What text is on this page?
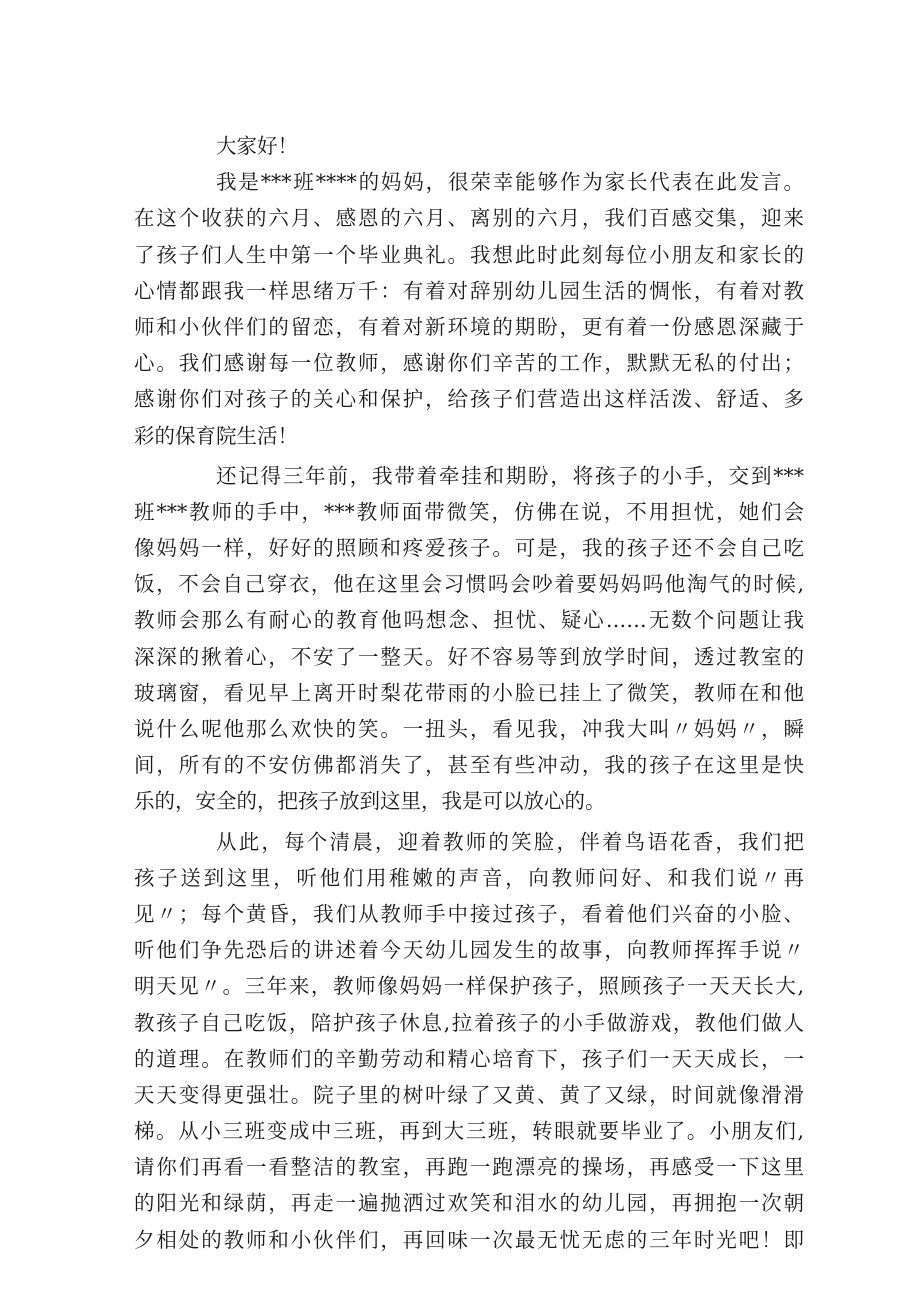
大家好！
我是***班****的妈妈，很荣幸能够作为家长代表在此发言。
在这个收获的六月、感恩的六月、离别的六月，我们百感交集，迎来
了孩子们人生中第一个毕业典礼。我想此时此刻每位小朋友和家长的
心情都跟我一样思绪万千：有着对辞别幼儿园生活的惆怅，有着对教
师和小伙伴们的留恋，有着对新环境的期盼，更有着一份感恩深藏于
心。我们感谢每一位教师，感谢你们辛苦的工作，默默无私的付出；
感谢你们对孩子的关心和保护，给孩子们营造出这样活泼、舒适、多
彩的保育院生活！
还记得三年前，我带着牵挂和期盼，将孩子的小手，交到***
班***教师的手中，***教师面带微笑，仿佛在说，不用担忧，她们会
像妈妈一样，好好的照顾和疼爱孩子。可是，我的孩子还不会自己吃
饭，不会自己穿衣，他在这里会习惯吗会吵着要妈妈吗他淘气的时候,
教师会那么有耐心的教育他吗想念、担忧、疑心……无数个问题让我
深深的揪着心，不安了一整天。好不容易等到放学时间，透过教室的
玻璃窗，看见早上离开时梨花带雨的小脸已挂上了微笑，教师在和他
说什么呢他那么欢快的笑。一扭头，看见我，冲我大叫〃妈妈〃，瞬
间，所有的不安仿佛都消失了，甚至有些冲动，我的孩子在这里是快
乐的，安全的，把孩子放到这里，我是可以放心的。
从此，每个清晨，迎着教师的笑脸，伴着鸟语花香，我们把
孩子送到这里，听他们用稚嫩的声音，向教师问好、和我们说〃再
见〃；每个黄昏，我们从教师手中接过孩子，看着他们兴奋的小脸、
听他们争先恐后的讲述着今天幼儿园发生的故事，向教师挥挥手说〃
明天见〃。三年来，教师像妈妈一样保护孩子，照顾孩子一天天长大,
教孩子自己吃饭，陪护孩子休息,拉着孩子的小手做游戏，教他们做人
的道理。在教师们的辛勤劳动和精心培育下，孩子们一天天成长，一
天天变得更强壮。院子里的树叶绿了又黄、黄了又绿，时间就像滑滑
梯。从小三班变成中三班，再到大三班，转眼就要毕业了。小朋友们,
请你们再看一看整洁的教室，再跑一跑漂亮的操场，再感受一下这里
的阳光和绿荫，再走一遍抛洒过欢笑和泪水的幼儿园，再拥抱一次朝
夕相处的教师和小伙伴们，再回味一次最无忧无虑的三年时光吧！即
